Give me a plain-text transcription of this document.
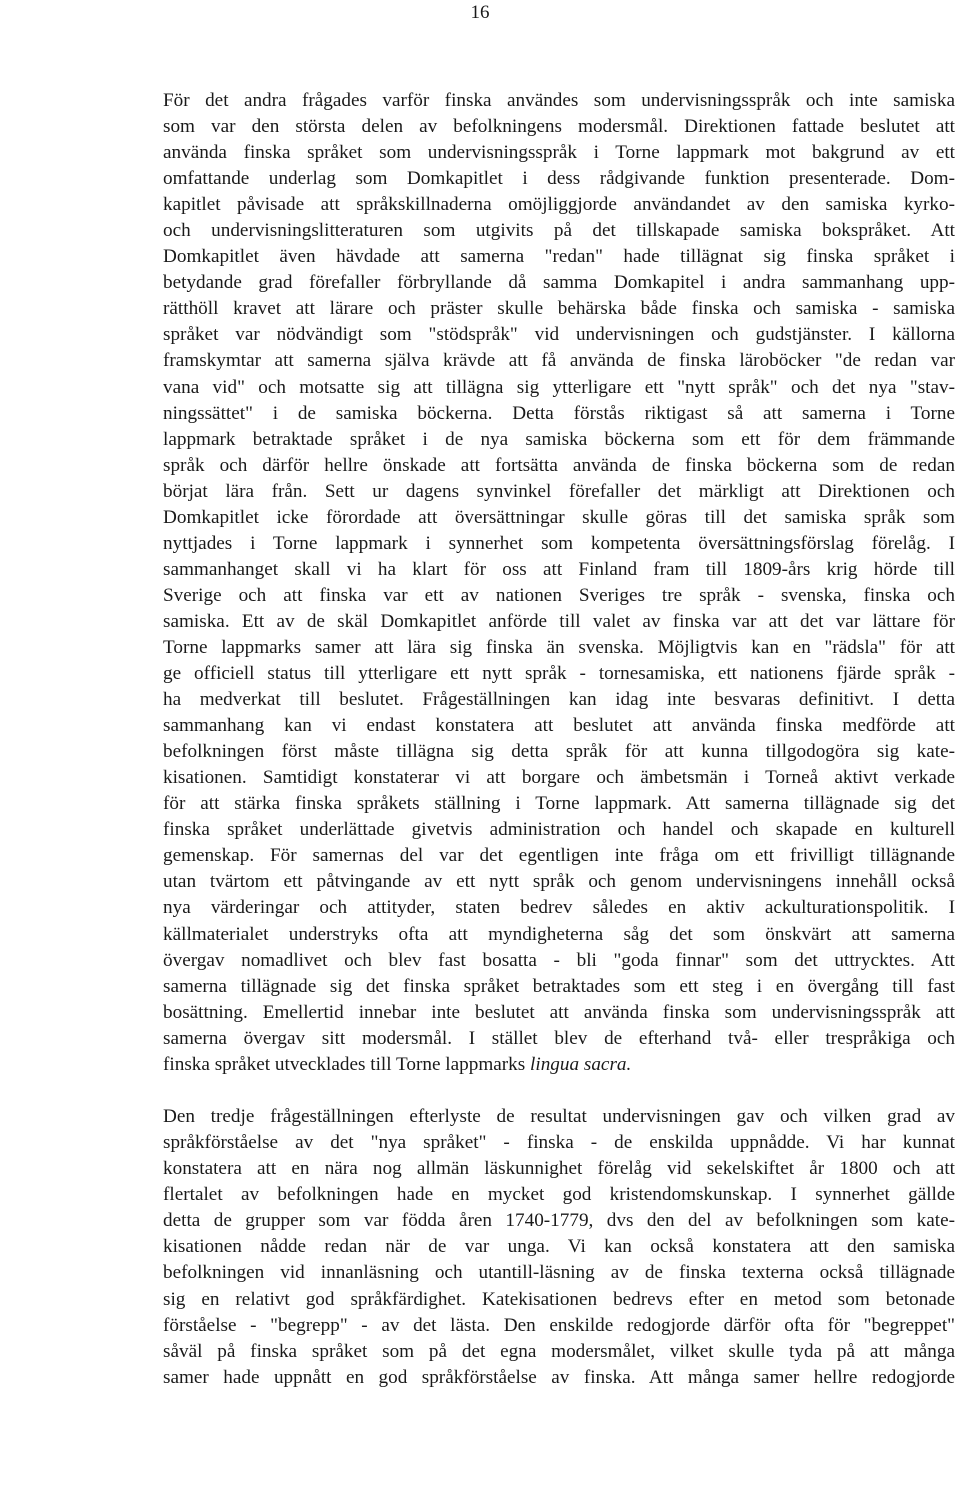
16
För det andra frågades varför finska användes som undervisningsspråk och inte samiska
som var den största delen av befolkningens modersmål. Direktionen fattade beslutet att
använda finska språket som undervisningsspråk i Torne lappmark mot bakgrund av ett
omfattande underlag som Domkapitlet i dess rådgivande funktion presenterade. Dom-
kapitlet påvisade att språkskillnaderna omöjliggjorde användandet av den samiska kyrko-
och undervisningslitteraturen som utgivits på det tillskapade samiska bokspråket. Att
Domkapitlet även hävdade att samerna "redan" hade tillägnat sig finska språket i
betydande grad förefaller förbryllande då samma Domkapitel i andra sammanhang upp-
rätthöll kravet att lärare och präster skulle behärska både finska och samiska - samiska
språket var nödvändigt som "stödspråk" vid undervisningen och gudstjänster. I källorna
framskymtar att samerna själva krävde att få använda de finska läroböcker "de redan var
vana vid" och motsatte sig att tillägna sig ytterligare ett "nytt språk" och det nya "stav-
ningssättet" i de samiska böckerna. Detta förstås riktigast så att samerna i Torne
lappmark betraktade språket i de nya samiska böckerna som ett för dem främmande
språk och därför hellre önskade att fortsätta använda de finska böckerna som de redan
börjat lära från. Sett ur dagens synvinkel förefaller det märkligt att Direktionen och
Domkapitlet icke förordade att översättningar skulle göras till det samiska språk som
nyttjades i Torne lappmark i synnerhet som kompetenta översättningsförslag förelåg. I
sammanhanget skall vi ha klart för oss att Finland fram till 1809-års krig hörde till
Sverige och att finska var ett av nationen Sveriges tre språk - svenska, finska och
samiska. Ett av de skäl Domkapitlet anförde till valet av finska var att det var lättare för
Torne lappmarks samer att lära sig finska än svenska. Möjligtvis kan en "rädsla" för att
ge officiell status till ytterligare ett nytt språk - tornesamiska, ett nationens fjärde språk -
ha medverkat till beslutet. Frågeställningen kan idag inte besvaras definitivt. I detta
sammanhang kan vi endast konstatera att beslutet att använda finska medförde att
befolkningen först måste tillägna sig detta språk för att kunna tillgodogöra sig kate-
kisationen. Samtidigt konstaterar vi att borgare och ämbetsmän i Torneå aktivt verkade
för att stärka finska språkets ställning i Torne lappmark. Att samerna tillägnade sig det
finska språket underlättade givetvis administration och handel och skapade en kulturell
gemenskap. För samernas del var det egentligen inte fråga om ett frivilligt tillägnande
utan tvärtom ett påtvingande av ett nytt språk och genom undervisningens innehåll också
nya värderingar och attityder, staten bedrev således en aktiv ackulturationspolitik. I
källmaterialet understryks ofta att myndigheterna såg det som önskvärt att samerna
övergav nomadlivet och blev fast bosatta - bli "goda finnar" som det uttrycktes. Att
samerna tillägnade sig det finska språket betraktades som ett steg i en övergång till fast
bosättning. Emellertid innebar inte beslutet att använda finska som undervisningsspråk att
samerna övergav sitt modersmål. I stället blev de efterhand två- eller trespråkiga och
finska språket utvecklades till Torne lappmarks lingua sacra.
Den tredje frågeställningen efterlyste de resultat undervisningen gav och vilken grad av
språkförståelse av det "nya språket" - finska - de enskilda uppnådde. Vi har kunnat
konstatera att en nära nog allmän läskunnighet förelåg vid sekelskiftet år 1800 och att
flertalet av befolkningen hade en mycket god kristendomskunskap. I synnerhet gällde
detta de grupper som var födda åren 1740-1779, dvs den del av befolkningen som kate-
kisationen nådde redan när de var unga. Vi kan också konstatera att den samiska
befolkningen vid innanläsning och utantill-läsning av de finska texterna också tillägnade
sig en relativt god språkfärdighet. Katekisationen bedrevs efter en metod som betonade
förståelse - "begrepp" - av det lästa. Den enskilde redogjorde därför ofta för "begreppet"
såväl på finska språket som på det egna modersmålet, vilket skulle tyda på att många
samer hade uppnått en god språkförståelse av finska. Att många samer hellre redogjorde
